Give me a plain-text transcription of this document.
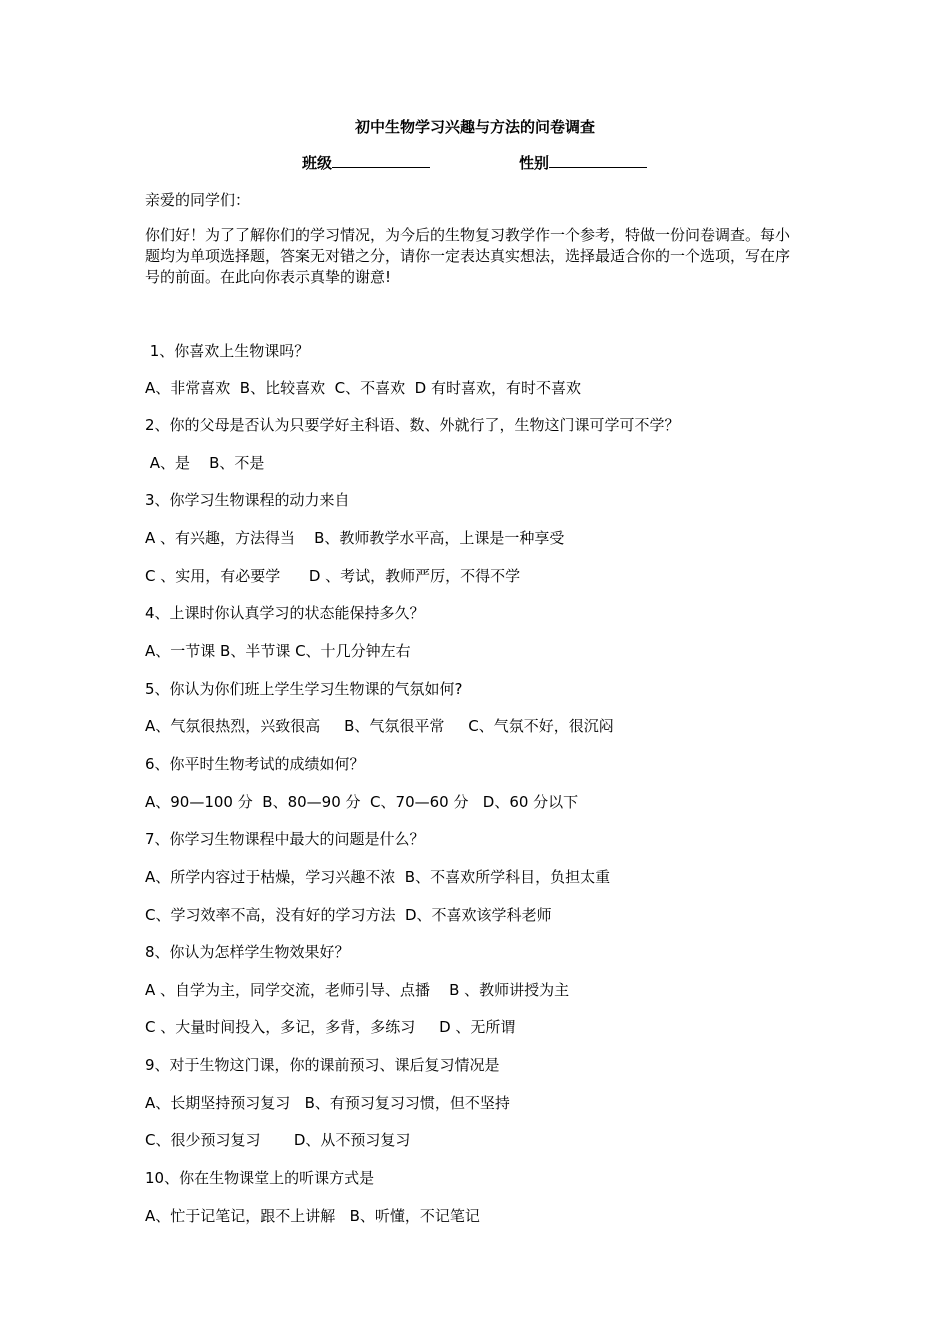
初中生物学习兴趣与方法的问卷调查
班级	性别
亲爱的同学们：
你们好！为了了解你们的学习情况，为今后的生物复习教学作一个参考，特做一份问卷调查。每小题均为单项选择题，答案无对错之分，请你一定表达真实想法，选择最适合你的一个选项，写在序号的前面。在此向你表示真挚的谢意!
1、你喜欢上生物课吗？
A、非常喜欢  B、比较喜欢  C、不喜欢  D 有时喜欢，有时不喜欢
2、你的父母是否认为只要学好主科语、数、外就行了，生物这门课可学可不学？
A、是    B、不是
3、你学习生物课程的动力来自
A 、有兴趣，方法得当    B、教师教学水平高，上课是一种享受
C 、实用，有必要学      D 、考试，教师严厉，不得不学
4、上课时你认真学习的状态能保持多久？
A、一节课 B、半节课 C、十几分钟左右
5、你认为你们班上学生学习生物课的气氛如何?
A、气氛很热烈，兴致很高     B、气氛很平常     C、气氛不好，很沉闷
6、你平时生物考试的成绩如何？
A、90—100 分  B、80—90 分  C、70—60 分   D、60 分以下
7、你学习生物课程中最大的问题是什么？
A、所学内容过于枯燥，学习兴趣不浓  B、不喜欢所学科目，负担太重
C、学习效率不高，没有好的学习方法  D、不喜欢该学科老师
8、你认为怎样学生物效果好？
A 、自学为主，同学交流，老师引导、点播    B 、教师讲授为主
C 、大量时间投入，多记，多背，多练习     D 、无所谓
9、对于生物这门课，你的课前预习、课后复习情况是
A、长期坚持预习复习   B、有预习复习习惯，但不坚持
C、很少预习复习       D、从不预习复习
10、你在生物课堂上的听课方式是
A、忙于记笔记，跟不上讲解   B、听懂，不记笔记
